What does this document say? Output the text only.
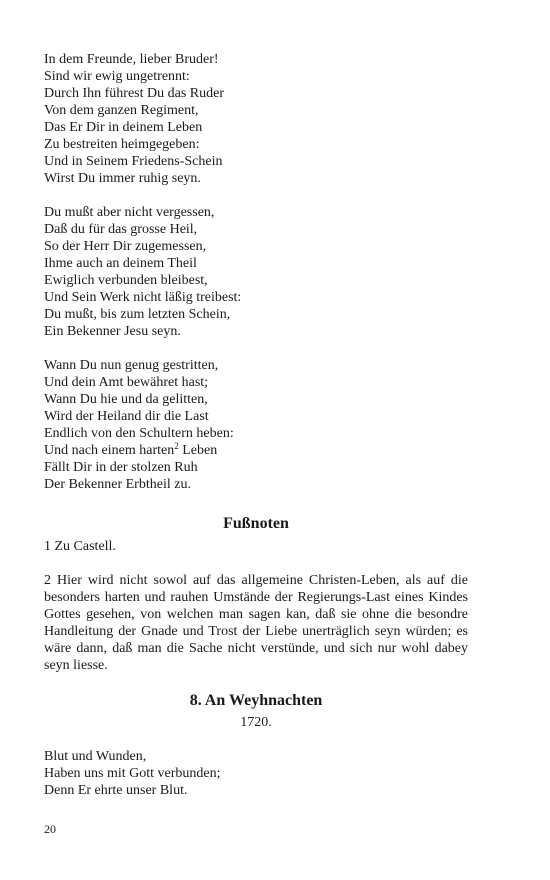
In dem Freunde, lieber Bruder!
Sind wir ewig ungetrennt:
Durch Ihn führest Du das Ruder
Von dem ganzen Regiment,
Das Er Dir in deinem Leben
Zu bestreiten heimgegeben:
Und in Seinem Friedens-Schein
Wirst Du immer ruhig seyn.
Du mußt aber nicht vergessen,
Daß du für das grosse Heil,
So der Herr Dir zugemessen,
Ihme auch an deinem Theil
Ewiglich verbunden bleibest,
Und Sein Werk nicht läßig treibest:
Du mußt, bis zum letzten Schein,
Ein Bekenner Jesu seyn.
Wann Du nun genug gestritten,
Und dein Amt bewähret hast;
Wann Du hie und da gelitten,
Wird der Heiland dir die Last
Endlich von den Schultern heben:
Und nach einem harten$^2$ Leben
Fällt Dir in der stolzen Ruh
Der Bekenner Erbtheil zu.
Fußnoten

1 Zu Castell.

2 Hier wird nicht sowol auf das allgemeine Christen-Leben, als auf die besonders harten und rauhen Umstände der Regierungs-Last eines Kindes Gottes gesehen, von welchen man sagen kan, daß sie ohne die besondre Handleitung der Gnade und Trost der Liebe unerträglich seyn würden; es wäre dann, daß man die Sache nicht verstünde, und sich nur wohl dabey seyn liesse.

8. An Weyhnachten
1720.
Blut und Wunden,
Haben uns mit Gott verbunden;
Denn Er ehrte unser Blut.
20
